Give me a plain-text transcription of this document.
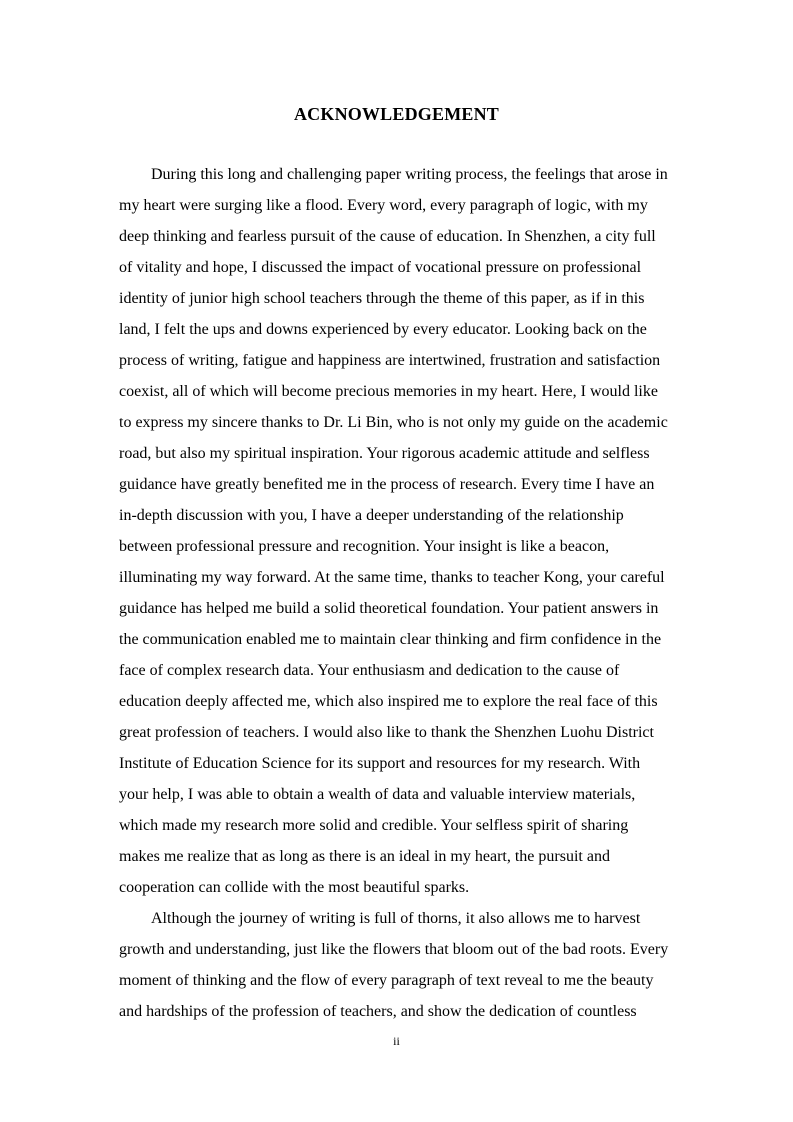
ACKNOWLEDGEMENT
During this long and challenging paper writing process, the feelings that arose in
my heart were surging like a flood. Every word, every paragraph of logic, with my
deep thinking and fearless pursuit of the cause of education. In Shenzhen, a city full
of vitality and hope, I discussed the impact of vocational pressure on professional
identity of junior high school teachers through the theme of this paper, as if in this
land, I felt the ups and downs experienced by every educator. Looking back on the
process of writing, fatigue and happiness are intertwined, frustration and satisfaction
coexist, all of which will become precious memories in my heart. Here, I would like
to express my sincere thanks to Dr. Li Bin, who is not only my guide on the academic
road, but also my spiritual inspiration. Your rigorous academic attitude and selfless
guidance have greatly benefited me in the process of research. Every time I have an
in-depth discussion with you, I have a deeper understanding of the relationship
between professional pressure and recognition. Your insight is like a beacon,
illuminating my way forward. At the same time, thanks to teacher Kong, your careful
guidance has helped me build a solid theoretical foundation. Your patient answers in
the communication enabled me to maintain clear thinking and firm confidence in the
face of complex research data. Your enthusiasm and dedication to the cause of
education deeply affected me, which also inspired me to explore the real face of this
great profession of teachers. I would also like to thank the Shenzhen Luohu District
Institute of Education Science for its support and resources for my research. With
your help, I was able to obtain a wealth of data and valuable interview materials,
which made my research more solid and credible. Your selfless spirit of sharing
makes me realize that as long as there is an ideal in my heart, the pursuit and
cooperation can collide with the most beautiful sparks.
Although the journey of writing is full of thorns, it also allows me to harvest
growth and understanding, just like the flowers that bloom out of the bad roots. Every
moment of thinking and the flow of every paragraph of text reveal to me the beauty
and hardships of the profession of teachers, and show the dedication of countless
ii
